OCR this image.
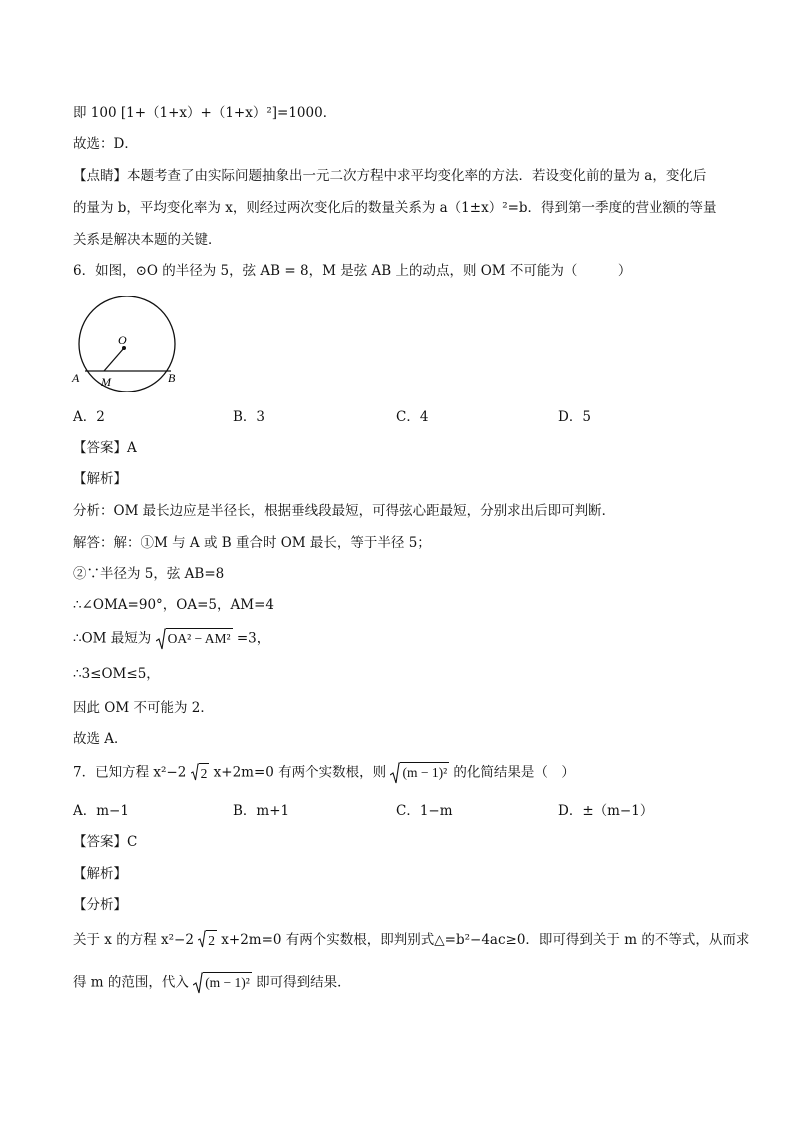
即 100 [1+（1+x）+（1+x）²]=1000．
故选：D．
【点睛】本题考查了由实际问题抽象出一元二次方程中求平均变化率的方法．若设变化前的量为 a，变化后
的量为 b，平均变化率为 x，则经过两次变化后的数量关系为 a（1±x）²=b．得到第一季度的营业额的等量
关系是解决本题的关键．
6．如图，⊙O 的半径为 5，弦 AB = 8，M 是弦 AB 上的动点，则 OM 不可能为（　　　）
O
A	B
M
A．2	B．3	C．4	D．5
【答案】A
【解析】
分析：OM 最长边应是半径长，根据垂线段最短，可得弦心距最短，分别求出后即可判断．
解答：解：①M 与 A 或 B 重合时 OM 最长，等于半径 5；
②∵半径为 5，弦 AB=8
∴∠OMA=90°，OA=5，AM=4
∴OM 最短为 OA² − AM² =3，
∴3≤OM≤5，
因此 OM 不可能为 2．
故选 A．
7．已知方程 x²−2 2 x+2m=0 有两个实数根，则 (m − 1)² 的化简结果是（　）
A．m−1	B．m+1	C．1−m	D．±（m−1）
【答案】C
【解析】
【分析】
关于 x 的方程 x²−2 2 x+2m=0 有两个实数根，即判别式△=b²−4ac≥0．即可得到关于 m 的不等式，从而求
得 m 的范围，代入 (m − 1)² 即可得到结果．
